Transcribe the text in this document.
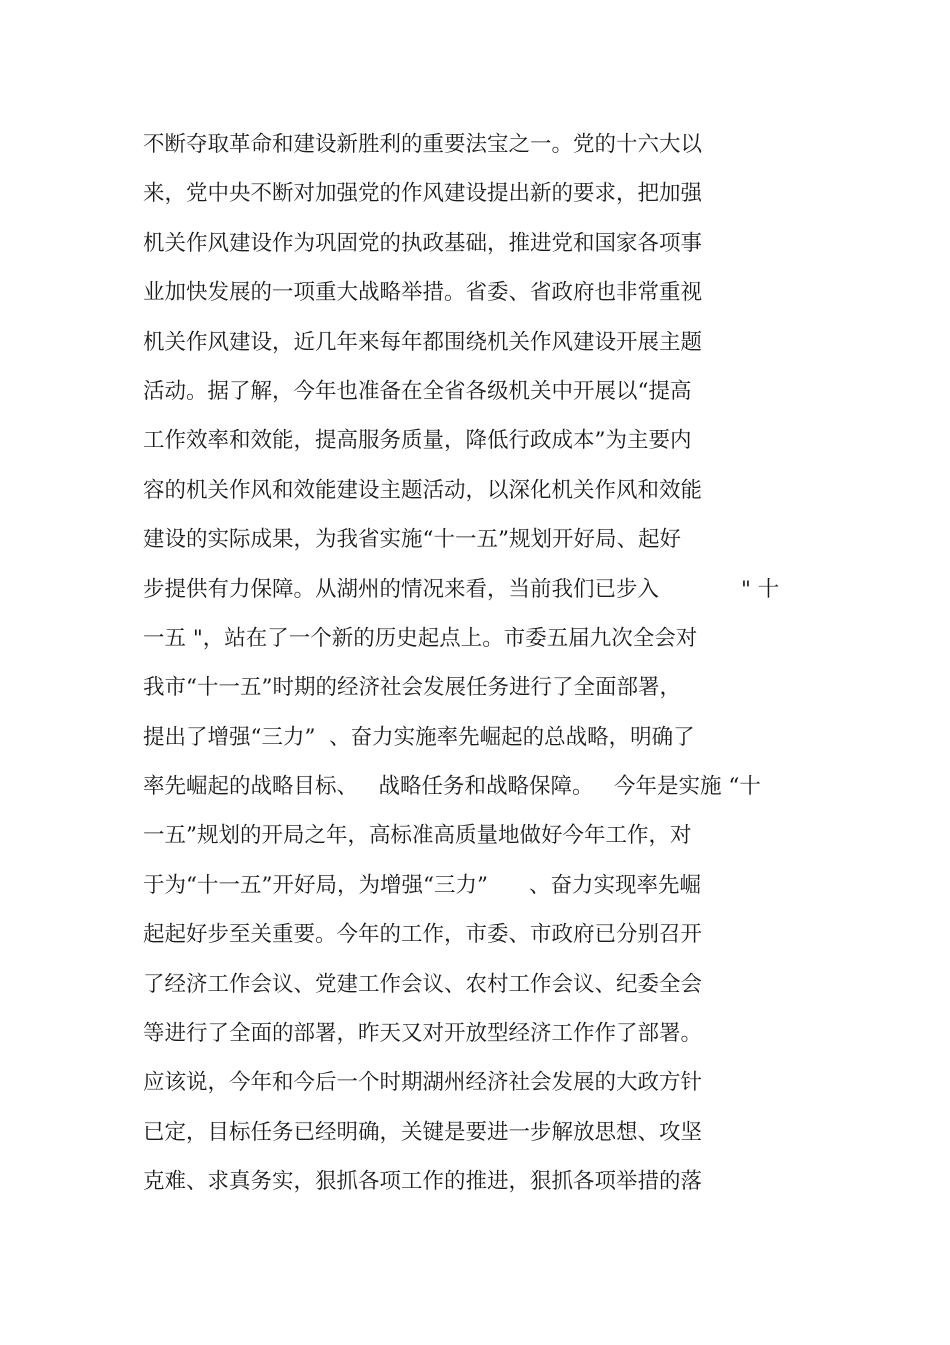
不断夺取革命和建设新胜利的重要法宝之一。党的十六大以
来，党中央不断对加强党的作风建设提出新的要求，把加强
机关作风建设作为巩固党的执政基础，推进党和国家各项事
业加快发展的一项重大战略举措。省委、省政府也非常重视
机关作风建设，近几年来每年都围绕机关作风建设开展主题
活动。据了解，今年也准备在全省各级机关中开展以“提高
工作效率和效能，提高服务质量，降低行政成本”为主要内
容的机关作风和效能建设主题活动，以深化机关作风和效能
建设的实际成果，为我省实施“十一五”规划开好局、起好
步提供有力保障。从湖州的情况来看，当前我们已步入            " 十
一五 "，站在了一个新的历史起点上。市委五届九次全会对
我市“十一五”时期的经济社会发展任务进行了全面部署，
提出了增强“三力”  、奋力实施率先崛起的总战略，明确了
率先崛起的战略目标、   战略任务和战略保障。   今年是实施 “十
一五”规划的开局之年，高标准高质量地做好今年工作，对
于为“十一五”开好局，为增强“三力”      、奋力实现率先崛
起起好步至关重要。今年的工作，市委、市政府已分别召开
了经济工作会议、党建工作会议、农村工作会议、纪委全会
等进行了全面的部署，昨天又对开放型经济工作作了部署。
应该说，今年和今后一个时期湖州经济社会发展的大政方针
已定，目标任务已经明确，关键是要进一步解放思想、攻坚
克难、求真务实，狠抓各项工作的推进，狠抓各项举措的落
